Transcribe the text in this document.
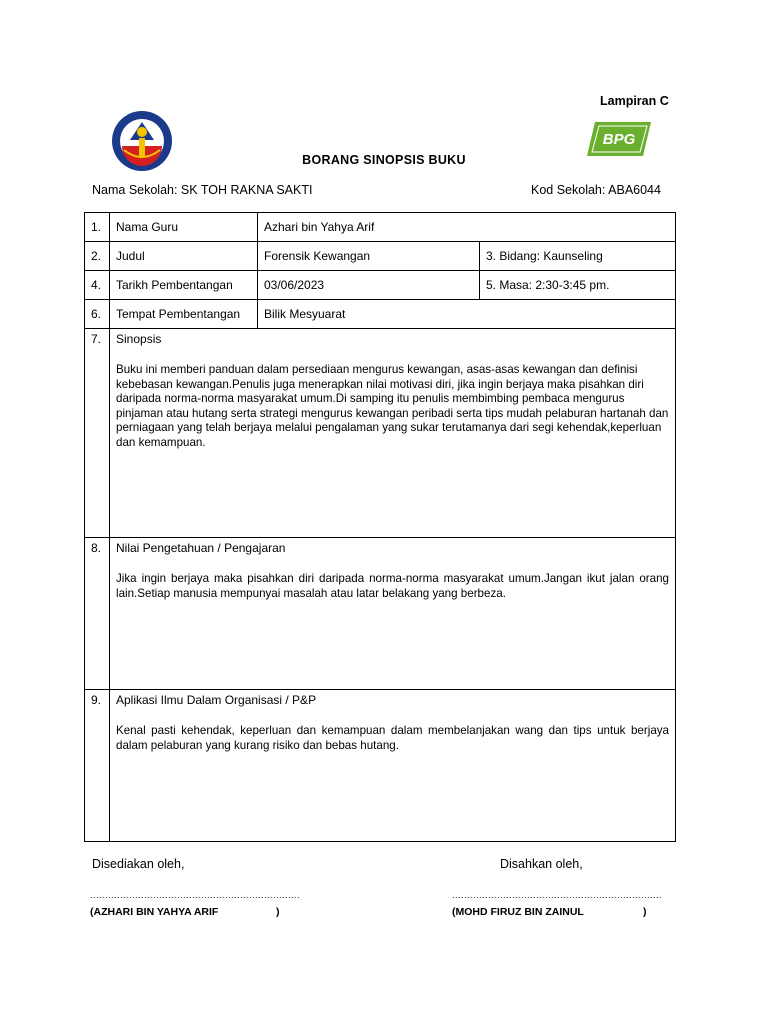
Lampiran C
BPG
BORANG SINOPSIS BUKU
Nama Sekolah: SK TOH RAKNA SAKTI	Kod Sekolah: ABA6044
1.	Nama Guru	Azhari bin Yahya Arif	
2.	Judul	Forensik Kewangan	3. Bidang: Kaunseling
4.	Tarikh Pembentangan	03/06/2023	5. Masa: 2:30-3:45 pm.
6.	Tempat Pembentangan	Bilik Mesyuarat	
7.	Sinopsis
Buku ini memberi panduan dalam persediaan mengurus kewangan, asas-asas kewangan dan definisi kebebasan kewangan.Penulis juga menerapkan nilai motivasi diri, jika ingin berjaya maka pisahkan diri daripada norma-norma masyarakat umum.Di samping itu penulis membimbing pembaca mengurus pinjaman atau hutang serta strategi mengurus kewangan peribadi serta tips mudah pelaburan hartanah dan perniagaan yang telah berjaya melalui pengalaman yang sukar terutamanya dari segi kehendak,keperluan dan kemampuan.		

8.	Nilai Pengetahuan / Pengajaran
Jika ingin berjaya maka pisahkan diri daripada norma-norma masyarakat umum.Jangan ikut jalan orang lain.Setiap manusia mempunyai masalah atau latar belakang yang berbeza.		

9.	Aplikasi Ilmu Dalam Organisasi / P&P
Kenal pasti kehendak, keperluan dan kemampuan dalam membelanjakan wang dan tips untuk berjaya dalam pelaburan yang kurang risiko dan bebas hutang.		
Disediakan oleh,	Disahkan oleh,
......................................................................	......................................................................
(AZHARI BIN YAHYA ARIF	)	(MOHD FIRUZ BIN ZAINUL	)
